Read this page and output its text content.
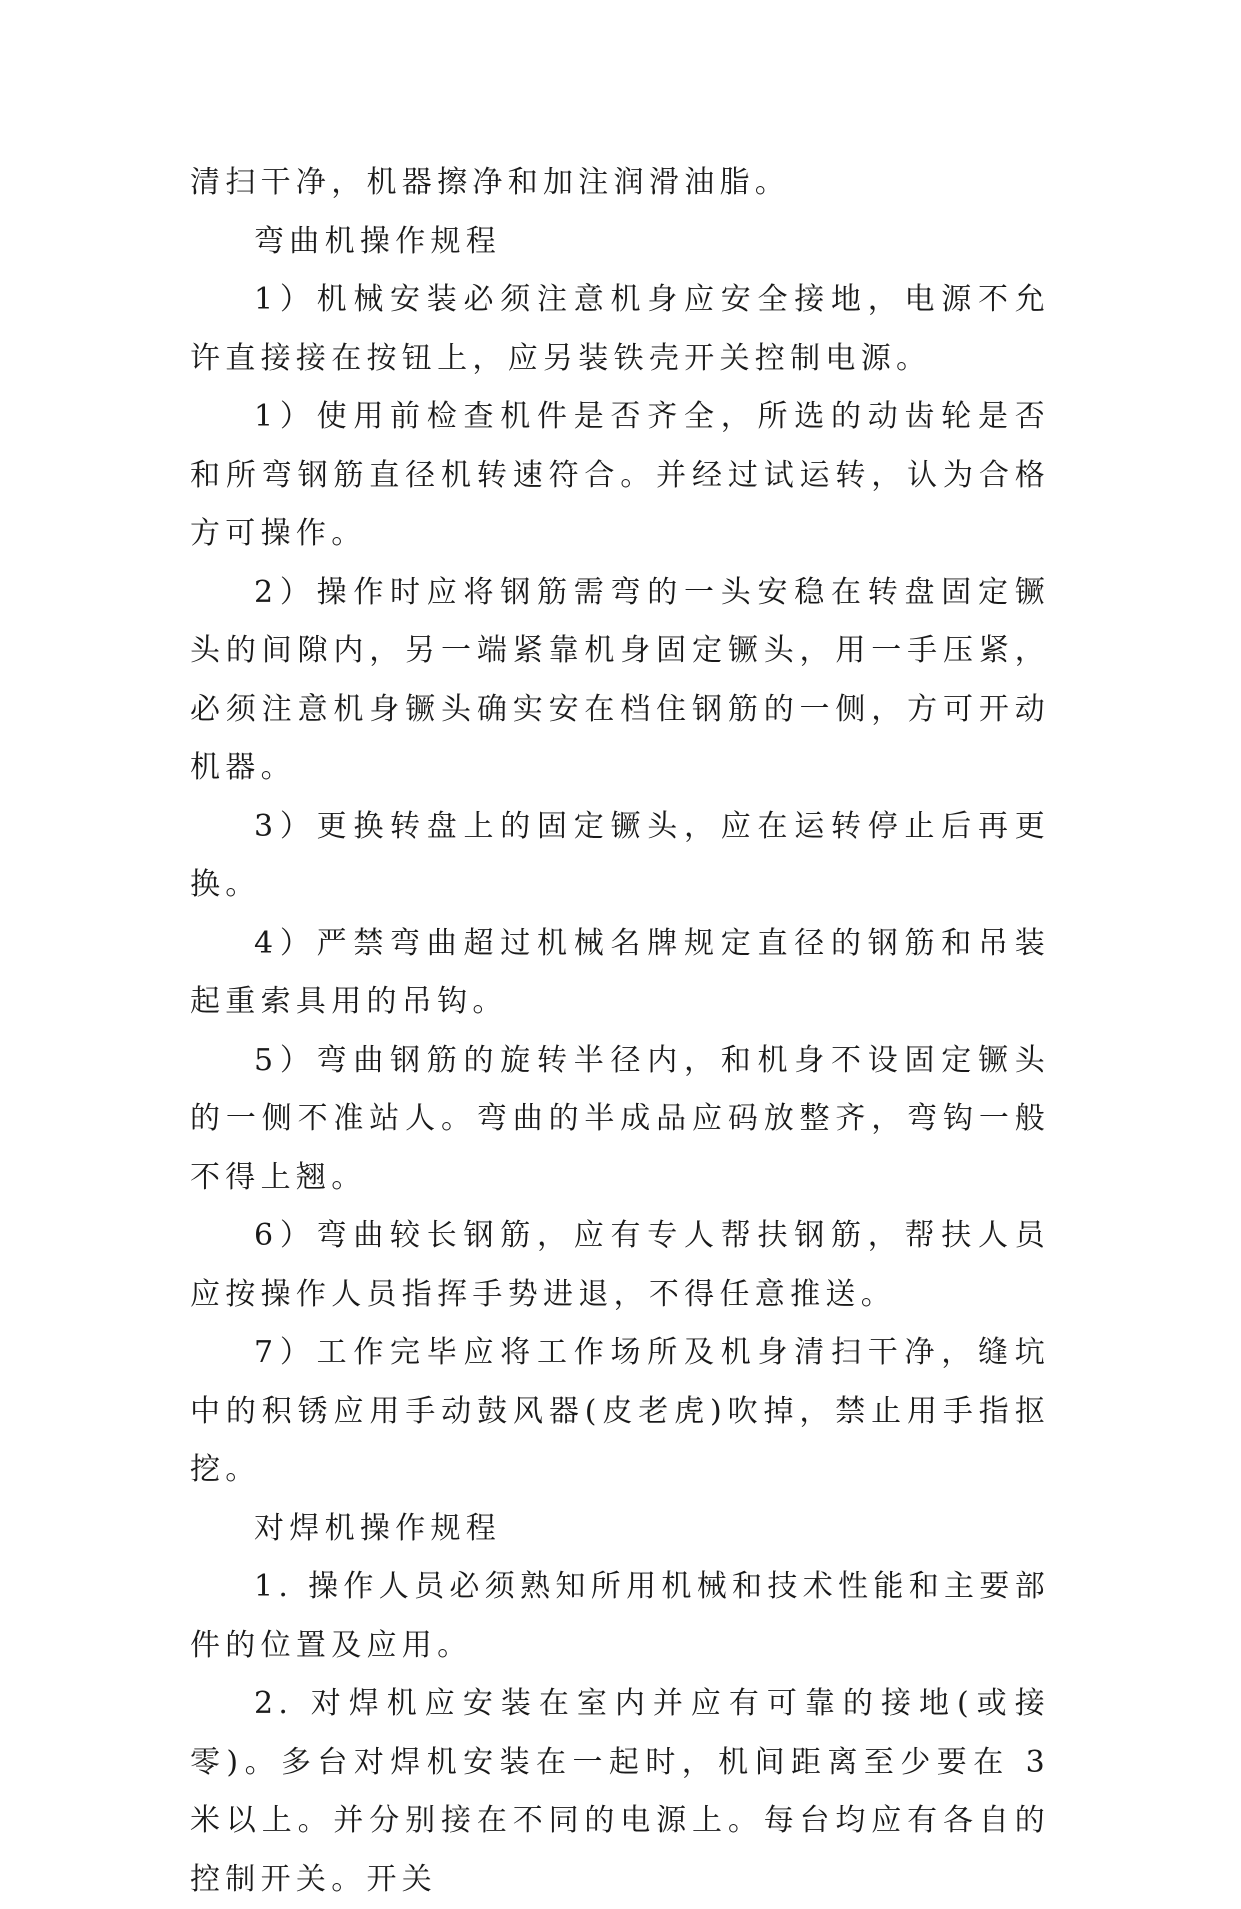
清扫干净，机器擦净和加注润滑油脂。

弯曲机操作规程

1）机械安装必须注意机身应安全接地，电源不允许直接接在按钮上，应另装铁壳开关控制电源。

1）使用前检查机件是否齐全，所选的动齿轮是否和所弯钢筋直径机转速符合。并经过试运转，认为合格方可操作。

2）操作时应将钢筋需弯的一头安稳在转盘固定镢头的间隙内，另一端紧靠机身固定镢头，用一手压紧，必须注意机身镢头确实安在档住钢筋的一侧，方可开动机器。

3）更换转盘上的固定镢头，应在运转停止后再更换。

4）严禁弯曲超过机械名牌规定直径的钢筋和吊装起重索具用的吊钩。

5）弯曲钢筋的旋转半径内，和机身不设固定镢头的一侧不准站人。弯曲的半成品应码放整齐，弯钩一般不得上翘。

6）弯曲较长钢筋，应有专人帮扶钢筋，帮扶人员应按操作人员指挥手势进退，不得任意推送。

7）工作完毕应将工作场所及机身清扫干净，缝坑中的积锈应用手动鼓风器(皮老虎)吹掉，禁止用手指抠挖。

对焊机操作规程

1. 操作人员必须熟知所用机械和技术性能和主要部件的位置及应用。

2. 对焊机应安装在室内并应有可靠的接地(或接零)。多台对焊机安装在一起时，机间距离至少要在 3 米以上。并分别接在不同的电源上。每台均应有各自的控制开关。开关
